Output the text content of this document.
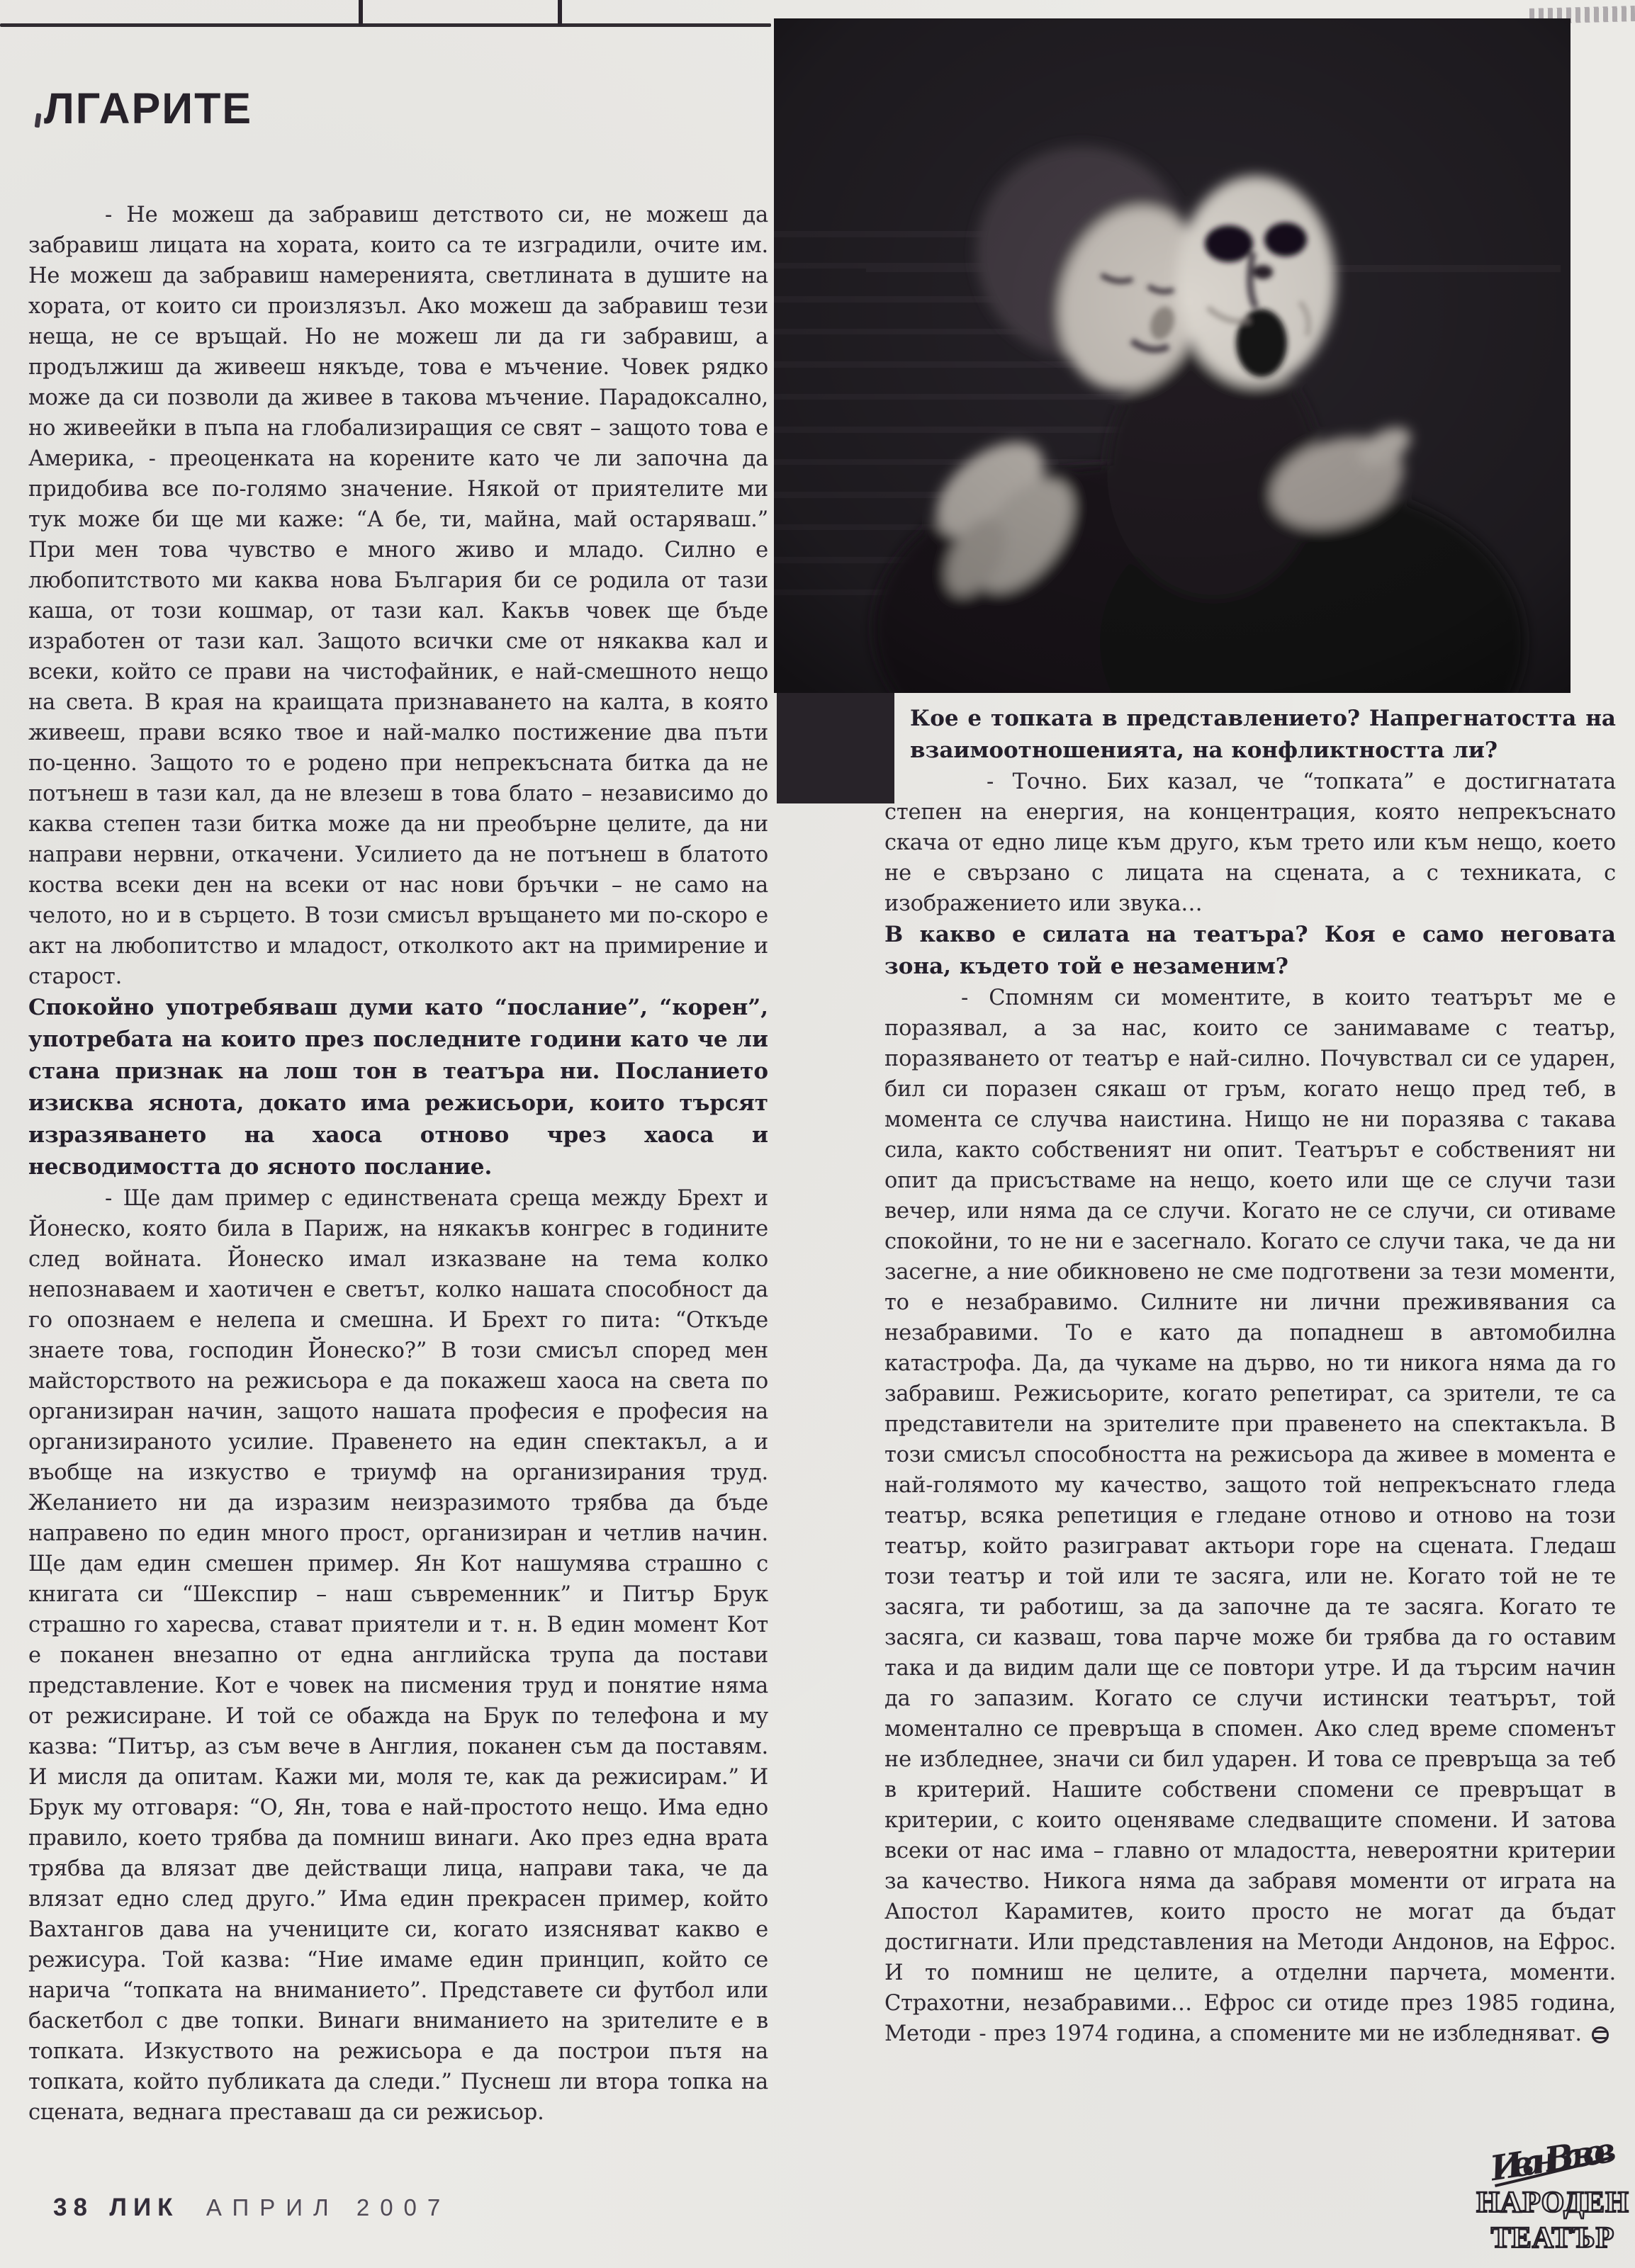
ЛГАРИТЕ

- Не можеш да забравиш детството си, не можеш да забравиш лицата на хората, които са те изградили, очите им. Не можеш да забравиш намеренията, светлината в душите на хората, от които си произлязъл. Ако можеш да забравиш тези неща, не се връщай. Но не можеш ли да ги забравиш, а продължиш да живееш някъде, това е мъчение. Човек рядко може да си позволи да живее в такова мъчение. Парадоксално, но живеейки в пъпа на глобализиращия се свят – защото това е Америка, - преоценката на корените като че ли започна да придобива все по-голямо значение. Някой от приятелите ми тук може би ще ми каже: “А бе, ти, майна, май остаряваш.” При мен това чувство е много живо и младо. Силно е любопитството ми каква нова България би се родила от тази каша, от този кошмар, от тази кал. Какъв човек ще бъде изработен от тази кал. Защото всички сме от някаква кал и всеки, който се прави на чистофайник, е най-смешното нещо на света. В края на краищата признаването на калта, в която живееш, прави всяко твое и най-малко постижение два пъти по-ценно. Защото то е родено при непрекъсната битка да не потънеш в тази кал, да не влезеш в това блато – независимо до каква степен тази битка може да ни преобърне целите, да ни направи нервни, откачени. Усилието да не потънеш в блатото коства всеки ден на всеки от нас нови бръчки – не само на челото, но и в сърцето. В този смисъл връщането ми по-скоро е акт на любопитство и младост, отколкото акт на примирение и старост.

Спокойно употребяваш думи като “послание”, “корен”, употребата на които през последните години като че ли стана признак на лош тон в театъра ни. Посланието изисква яснота, докато има режисьори, които търсят изразяването на хаоса отново чрез хаоса и несводимостта до ясното послание.

- Ще дам пример с единствената среща между Брехт и Йонеско, която била в Париж, на някакъв конгрес в годините след войната. Йонеско имал изказване на тема колко непознаваем и хаотичен е светът, колко нашата способност да го опознаем е нелепа и смешна. И Брехт го пита: “Откъде знаете това, господин Йонеско?” В този смисъл според мен майсторството на режисьора е да покажеш хаоса на света по организиран начин, защото нашата професия е професия на организираното усилие. Правенето на един спектакъл, а и въобще на изкуство е триумф на организирания труд. Желанието ни да изразим неизразимото трябва да бъде направено по един много прост, организиран и четлив начин. Ще дам един смешен пример. Ян Кот нашумява страшно с книгата си “Шекспир – наш съвременник” и Питър Брук страшно го харесва, стават приятели и т. н. В един момент Кот е поканен внезапно от една английска трупа да постави представление. Кот е човек на писмения труд и понятие няма от режисиране. И той се обажда на Брук по телефона и му казва: “Питър, аз съм вече в Англия, поканен съм да поставям. И мисля да опитам. Кажи ми, моля те, как да режисирам.” И Брук му отговаря: “О, Ян, това е най-простото нещо. Има едно правило, което трябва да помниш винаги. Ако през една врата трябва да влязат две действащи лица, направи така, че да влязат едно след друго.” Има един прекрасен пример, който Вахтангов дава на учениците си, когато изясняват какво е режисура. Той казва: “Ние имаме един принцип, който се нарича “топката на вниманието”. Представете си футбол или баскетбол с две топки. Винаги вниманието на зрителите е в топката. Изкуството на режисьора е да построи пътя на топката, който публиката да следи.” Пуснеш ли втора топка на сцената, веднага преставаш да си режисьор.

Кое е топката в представлението? Напрегнатостта на взаимоотношенията, на конфликтността ли?

- Точно. Бих казал, че “топката” е достигнатата степен на енергия, на концентрация, която непрекъснато скача от едно лице към друго, към трето или към нещо, което не е свързано с лицата на сцената, а с техниката, с изображението или звука…

В какво е силата на театъра? Коя е само неговата зона, където той е незаменим?

- Спомням си моментите, в които театърът ме е поразявал, а за нас, които се занимаваме с театър, поразяването от театър е най-силно. Почувствал си се ударен, бил си поразен сякаш от гръм, когато нещо пред теб, в момента се случва наистина. Нищо не ни поразява с такава сила, както собственият ни опит. Театърът е собственият ни опит да присъстваме на нещо, което или ще се случи тази вечер, или няма да се случи. Когато не се случи, си отиваме спокойни, то не ни е засегнало. Когато се случи така, че да ни засегне, а ние обикновено не сме подготвени за тези моменти, то е незабравимо. Силните ни лични преживявания са незабравими. То е като да попаднеш в автомобилна катастрофа. Да, да чукаме на дърво, но ти никога няма да го забравиш. Режисьорите, когато репетират, са зрители, те са представители на зрителите при правенето на спектакъла. В този смисъл способността на режисьора да живее в момента е най-голямото му качество, защото той непрекъснато гледа театър, всяка репетиция е гледане отново и отново на този театър, който разиграват актьори горе на сцената. Гледаш този театър и той или те засяга, или не. Когато той не те засяга, ти работиш, за да започне да те засяга. Когато те засяга, си казваш, това парче може би трябва да го оставим така и да видим дали ще се повтори утре. И да търсим начин да го запазим. Когато се случи истински театърът, той моментално се превръща в спомен. Ако след време споменът не избледнее, значи си бил ударен. И това се превръща за теб в критерий. Нашите собствени спомени се превръщат в критерии, с които оценяваме следващите спомени. И затова всеки от нас има – главно от младостта, невероятни критерии за качество. Никога няма да забравя моменти от играта на Апостол Карамитев, които просто не могат да бъдат достигнати. Или представления на Методи Андонов, на Ефрос. И то помниш не целите, а отделни парчета, моменти. Страхотни, незабравими… Ефрос си отиде през 1985 година, Методи - през 1974 година, а спомените ми не избледняват.

38 ЛИК АПРИЛ 2007
ИванВазов
НАРОДЕН
ТЕАТЪР
